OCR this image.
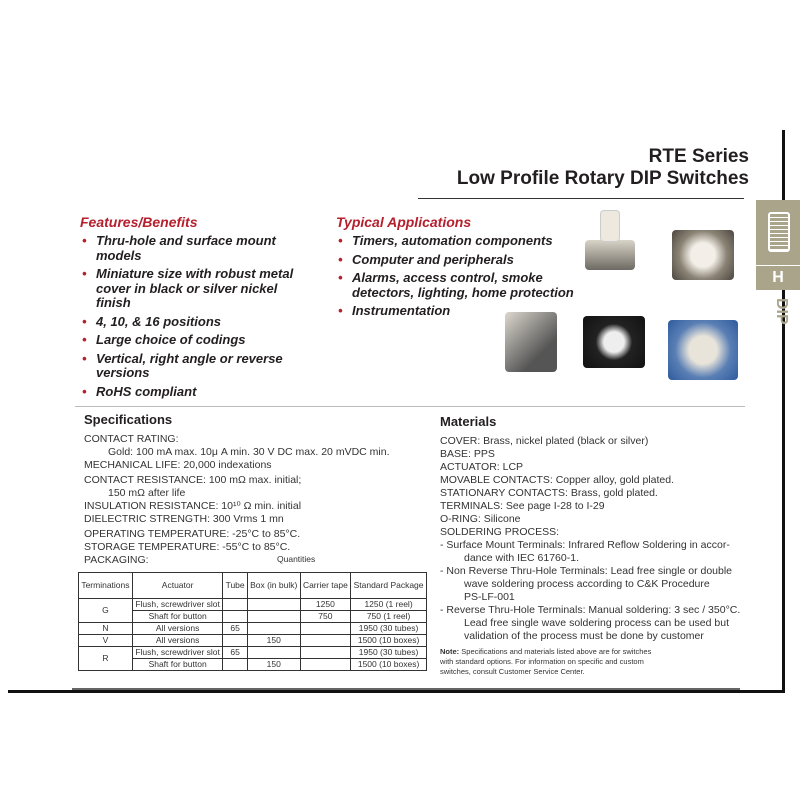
RTE Series
Low Profile Rotary DIP Switches
H
DIP
Features/Benefits
• Thru-hole and surface mount models
• Miniature size with robust metal cover in black or silver nickel finish
• 4, 10, & 16 positions
• Large choice of codings
• Vertical, right angle or reverse versions
• RoHS compliant
Typical Applications
• Timers, automation components
• Computer and peripherals
• Alarms, access control, smoke detectors, lighting, home protection
• Instrumentation
Specifications
CONTACT RATING:
Gold: 100 mA max. 10μ A min. 30 V DC max. 20 mVDC min.
MECHANICAL LIFE: 20,000 indexations
CONTACT RESISTANCE: 100 mΩ max. initial;
150 mΩ after life
INSULATION RESISTANCE: 10¹⁰ Ω min. initial
DIELECTRIC STRENGTH: 300 Vrms 1 mn
OPERATING TEMPERATURE: -25°C to 85°C.
STORAGE TEMPERATURE: -55°C to 85°C.
PACKAGING:	Quantities
Terminations	Actuator	Tube	Box (in bulk)	Carrier tape	Standard Package
G	Flush, screwdriver slot			1250	1250 (1 reel)
	Shaft for button			750	750 (1 reel)
N	All versions	65			1950 (30 tubes)
V	All versions		150		1500 (10 boxes)
R	Flush, screwdriver slot	65			1950 (30 tubes)
	Shaft for button		150		1500 (10 boxes)
Materials
COVER: Brass, nickel plated (black or silver)
BASE: PPS
ACTUATOR: LCP
MOVABLE CONTACTS: Copper alloy, gold plated.
STATIONARY CONTACTS: Brass, gold plated.
TERMINALS: See page I-28 to I-29
O-RING: Silicone
SOLDERING PROCESS:
- Surface Mount Terminals: Infrared Reflow Soldering in accor-
dance with IEC 61760-1.
- Non Reverse Thru-Hole Terminals: Lead free single or double
wave soldering process according to C&K Procedure
PS-LF-001
- Reverse Thru-Hole Terminals: Manual soldering: 3 sec / 350°C.
Lead free single wave soldering process can be used but
validation of the process must be done by customer
Note: Specifications and materials listed above are for switches with standard options. For information on specific and custom switches, consult Customer Service Center.
